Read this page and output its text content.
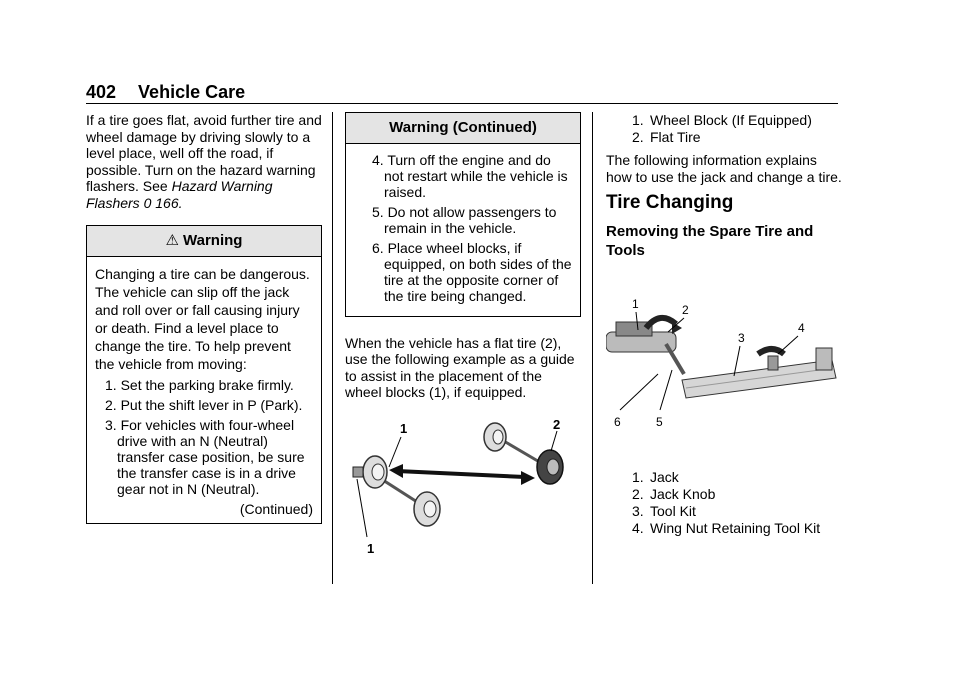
402 Vehicle Care

If a tire goes flat, avoid further tire and wheel damage by driving slowly to a level place, well off the road, if possible. Turn on the hazard warning flashers. See Hazard Warning Flashers 0 166.

⚠ Warning

Changing a tire can be dangerous. The vehicle can slip off the jack and roll over or fall causing injury or death. Find a level place to change the tire. To help prevent the vehicle from moving:

1. Set the parking brake firmly.
2. Put the shift lever in P (Park).
3. For vehicles with four-wheel drive with an N (Neutral) transfer case position, be sure the transfer case is in a drive gear not in N (Neutral).
(Continued)
Warning (Continued)
4. Turn off the engine and do not restart while the vehicle is raised.
5. Do not allow passengers to remain in the vehicle.
6. Place wheel blocks, if equipped, on both sides of the tire at the opposite corner of the tire being changed.

When the vehicle has a flat tire (2), use the following example as a guide to assist in the placement of the wheel blocks (1), if equipped.

1
1
2
1. Wheel Block (If Equipped)
2. Flat Tire

The following information explains how to use the jack and change a tire.

Tire Changing
Removing the Spare Tire and Tools
1	2
3
4
6	5
1. Jack
2. Jack Knob
3. Tool Kit
4. Wing Nut Retaining Tool Kit
